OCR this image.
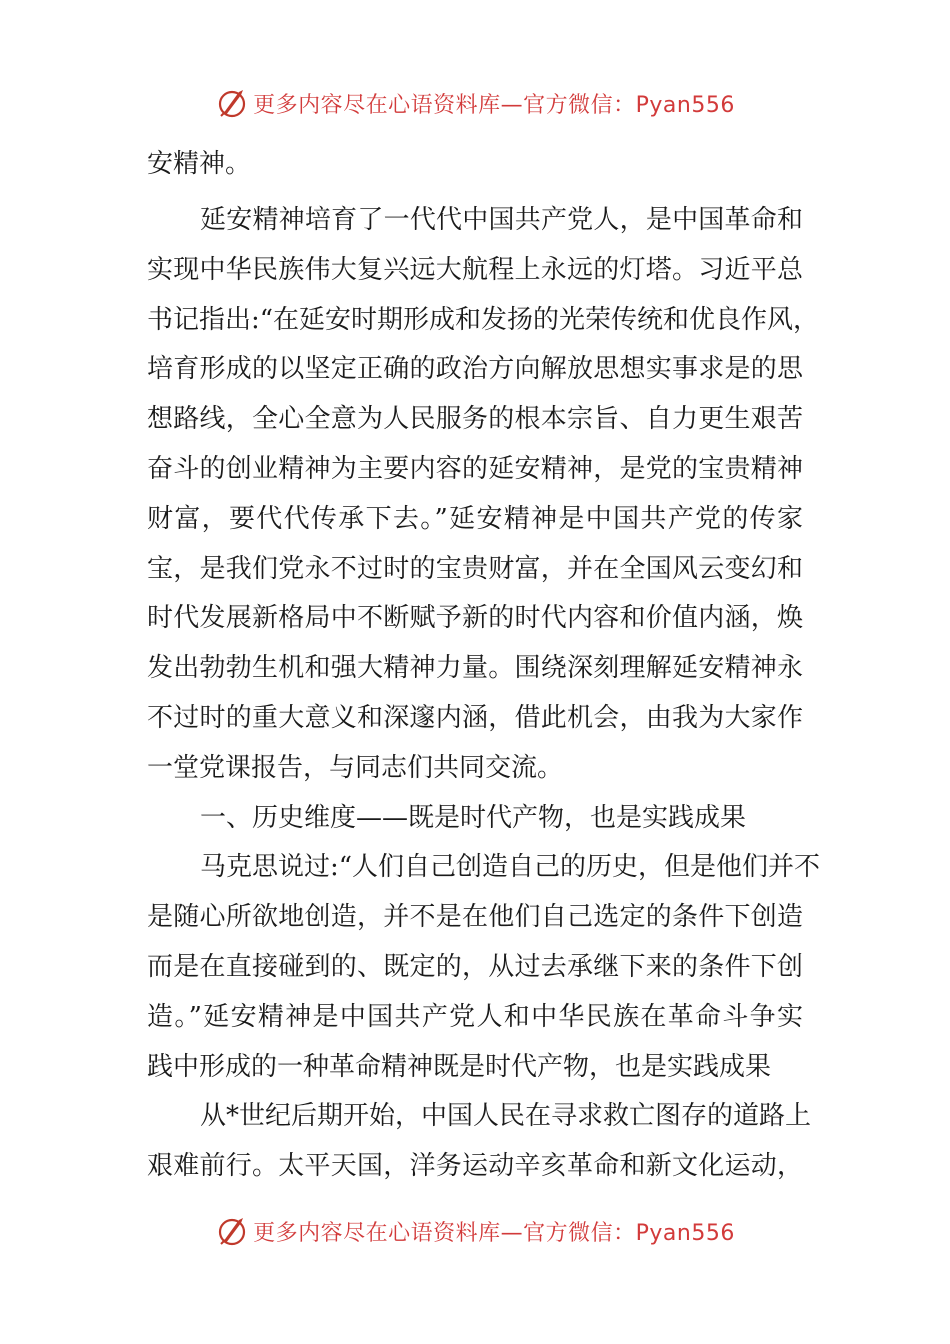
更多内容尽在心语资料库—官方微信：Pyan556
安精神。
延安精神培育了一代代中国共产党人，是中国革命和
实现中华民族伟大复兴远大航程上永远的灯塔。习近平总
书记指出:“在延安时期形成和发扬的光荣传统和优良作风，
培育形成的以坚定正确的政治方向解放思想实事求是的思
想路线，全心全意为人民服务的根本宗旨、自力更生艰苦
奋斗的创业精神为主要内容的延安精神，是党的宝贵精神
财富，要代代传承下去。”延安精神是中国共产党的传家
宝，是我们党永不过时的宝贵财富，并在全国风云变幻和
时代发展新格局中不断赋予新的时代内容和价值内涵，焕
发出勃勃生机和强大精神力量。围绕深刻理解延安精神永
不过时的重大意义和深邃内涵，借此机会，由我为大家作
一堂党课报告，与同志们共同交流。
一、历史维度——既是时代产物，也是实践成果
马克思说过:“人们自己创造自己的历史，但是他们并不
是随心所欲地创造，并不是在他们自己选定的条件下创造
而是在直接碰到的、既定的，从过去承继下来的条件下创
造。”延安精神是中国共产党人和中华民族在革命斗争实
践中形成的一种革命精神既是时代产物，也是实践成果
从*世纪后期开始，中国人民在寻求救亡图存的道路上
艰难前行。太平天国，洋务运动辛亥革命和新文化运动，
更多内容尽在心语资料库—官方微信：Pyan556
